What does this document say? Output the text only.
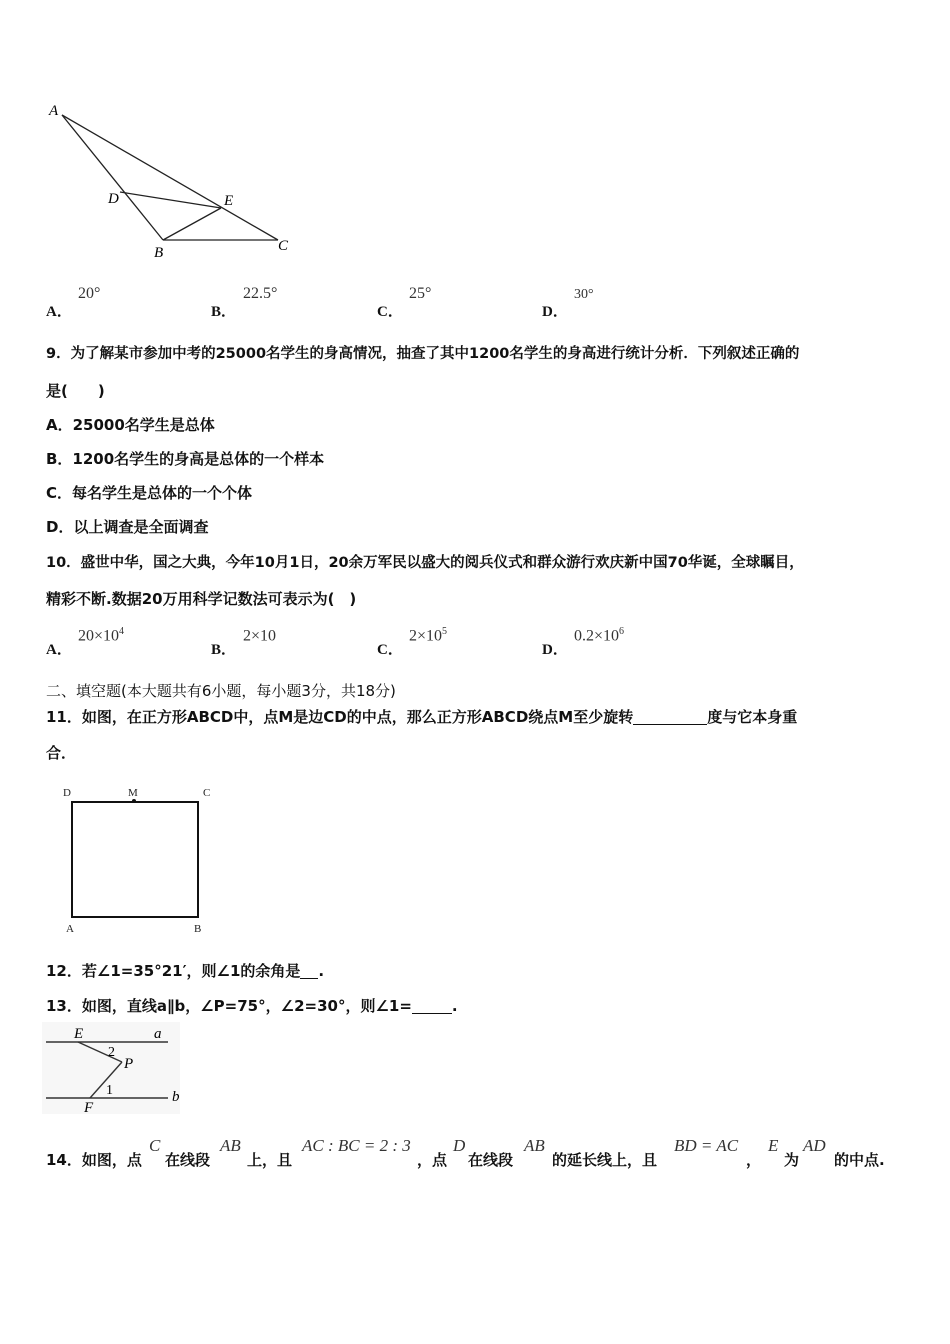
A
D	E
B	C
A．
20°
B．
22.5°
C．
25°
D．
30°
9．为了解某市参加中考的25000名学生的身高情况，抽查了其中1200名学生的身高进行统计分析．下列叙述正确的
是(　　)
A．25000名学生是总体
B．1200名学生的身高是总体的一个样本
C．每名学生是总体的一个个体
D．以上调查是全面调查
10．盛世中华，国之大典，今年10月1日，20余万军民以盛大的阅兵仪式和群众游行欢庆新中国70华诞，全球瞩目，
精彩不断.数据20万用科学记数法可表示为(　)
A．
$20\times 10^4$
B．
2×10
C．
$2\times 10^5$
D．
$0.2\times 10^6$
二、填空题(本大题共有6小题，每小题3分，共18分)
11．如图，在正方形ABCD中，点M是边CD的中点，那么正方形ABCD绕点M至少旋转	度与它本身重
合．
D	M	C
A	B
12．若∠1=35°21′，则∠1的余角是 .
13．如图，直线a∥b，∠P=75°，∠2=30°，则∠1=	.
E	a
2
P
1
F
b
14．如图，点
C
在线段
AB
上，且
AC : BC = 2 : 3
，点
D
在线段
AB
的延长线上，且
BD = AC
，
E
为
AD
的中点.
